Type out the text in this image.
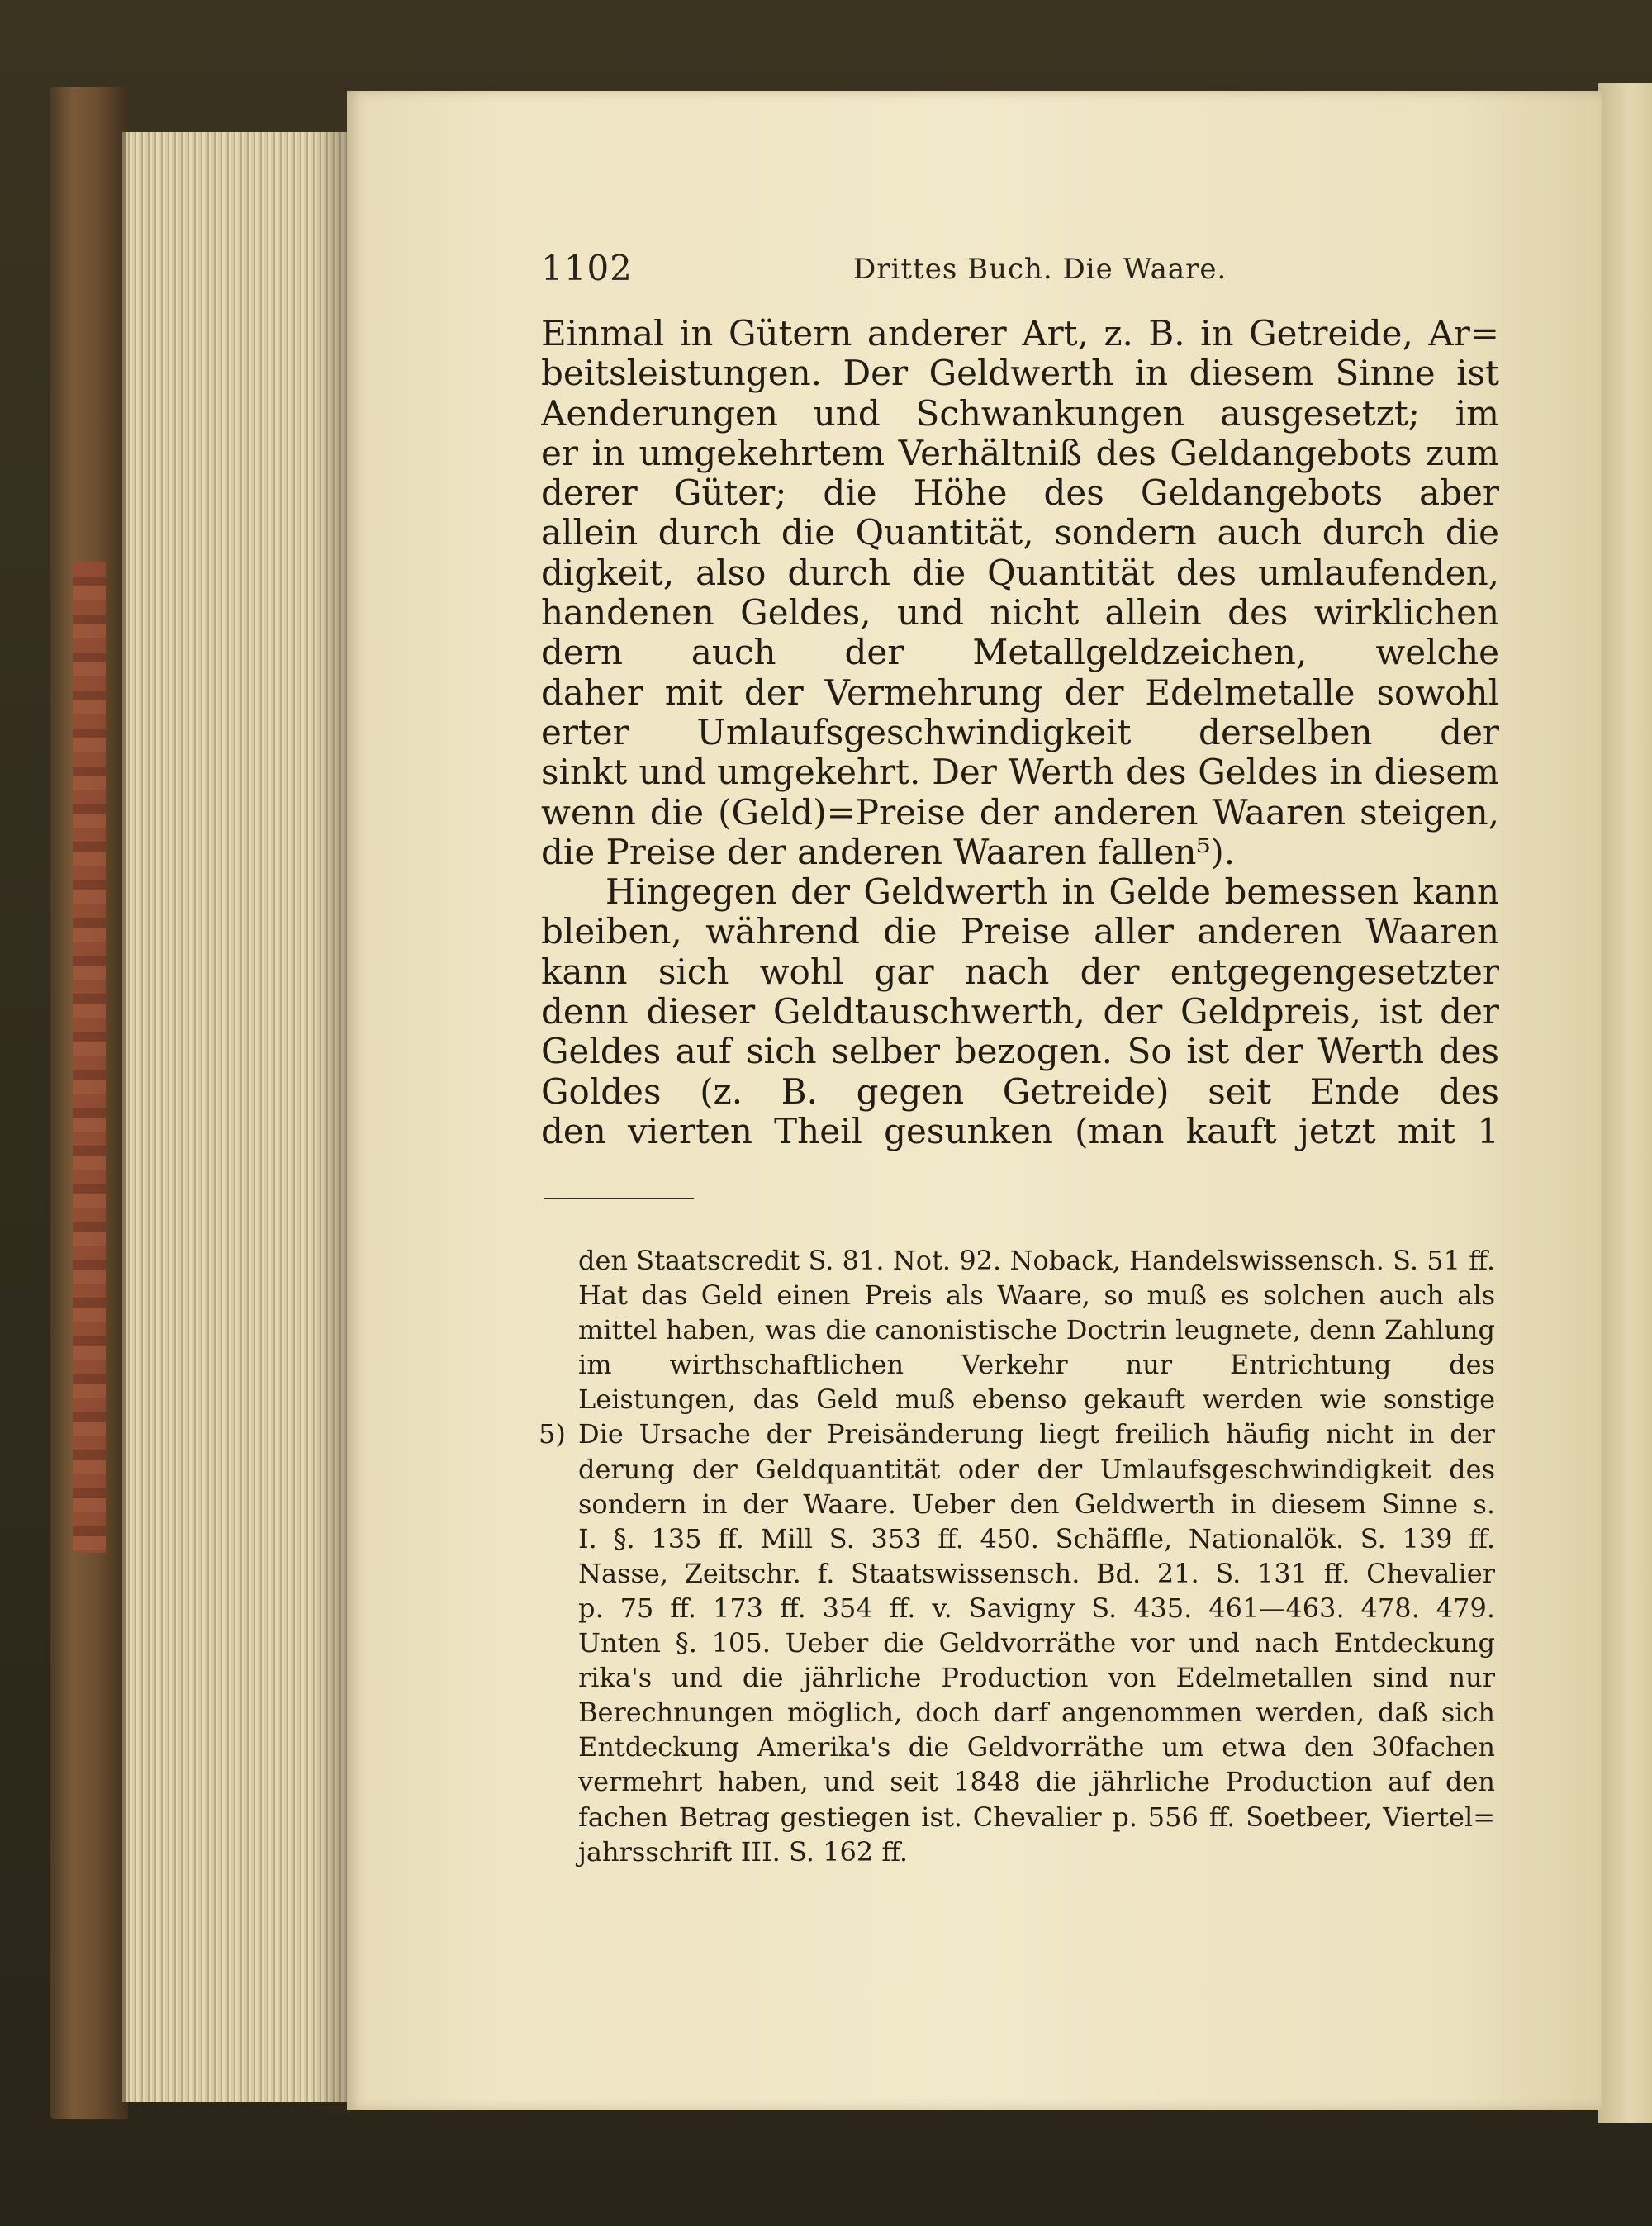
1102	Drittes Buch. Die Waare.
Einmal in Gütern anderer Art, z. B. in Getreide, Ar=
beitsleistungen. Der Geldwerth in diesem Sinne ist
Aenderungen und Schwankungen ausgesetzt; im
er in umgekehrtem Verhältniß des Geldangebots zum
derer Güter; die Höhe des Geldangebots aber
allein durch die Quantität, sondern auch durch die
digkeit, also durch die Quantität des umlaufenden,
handenen Geldes, und nicht allein des wirklichen
dern auch der Metallgeldzeichen, welche
daher mit der Vermehrung der Edelmetalle sowohl
erter Umlaufsgeschwindigkeit derselben der
sinkt und umgekehrt. Der Werth des Geldes in diesem
wenn die (Geld)=Preise der anderen Waaren steigen,
die Preise der anderen Waaren fallen⁵).
Hingegen der Geldwerth in Gelde bemessen kann
bleiben, während die Preise aller anderen Waaren
kann sich wohl gar nach der entgegengesetzter
denn dieser Geldtauschwerth, der Geldpreis, ist der
Geldes auf sich selber bezogen. So ist der Werth des
Goldes (z. B. gegen Getreide) seit Ende des
den vierten Theil gesunken (man kauft jetzt mit 1
den Staatscredit S. 81. Not. 92. Noback, Handelswissensch. S. 51 ff.
Hat das Geld einen Preis als Waare, so muß es solchen auch als
mittel haben, was die canonistische Doctrin leugnete, denn Zahlung
im wirthschaftlichen Verkehr nur Entrichtung des
Leistungen, das Geld muß ebenso gekauft werden wie sonstige
5) Die Ursache der Preisänderung liegt freilich häufig nicht in der
derung der Geldquantität oder der Umlaufsgeschwindigkeit des
sondern in der Waare. Ueber den Geldwerth in diesem Sinne s.
I. §. 135 ff. Mill S. 353 ff. 450. Schäffle, Nationalök. S. 139 ff.
Nasse, Zeitschr. f. Staatswissensch. Bd. 21. S. 131 ff. Chevalier
p. 75 ff. 173 ff. 354 ff. v. Savigny S. 435. 461—463. 478. 479.
Unten §. 105. Ueber die Geldvorräthe vor und nach Entdeckung
rika's und die jährliche Production von Edelmetallen sind nur
Berechnungen möglich, doch darf angenommen werden, daß sich
Entdeckung Amerika's die Geldvorräthe um etwa den 30fachen
vermehrt haben, und seit 1848 die jährliche Production auf den
fachen Betrag gestiegen ist. Chevalier p. 556 ff. Soetbeer, Viertel=
jahrsschrift III. S. 162 ff.
